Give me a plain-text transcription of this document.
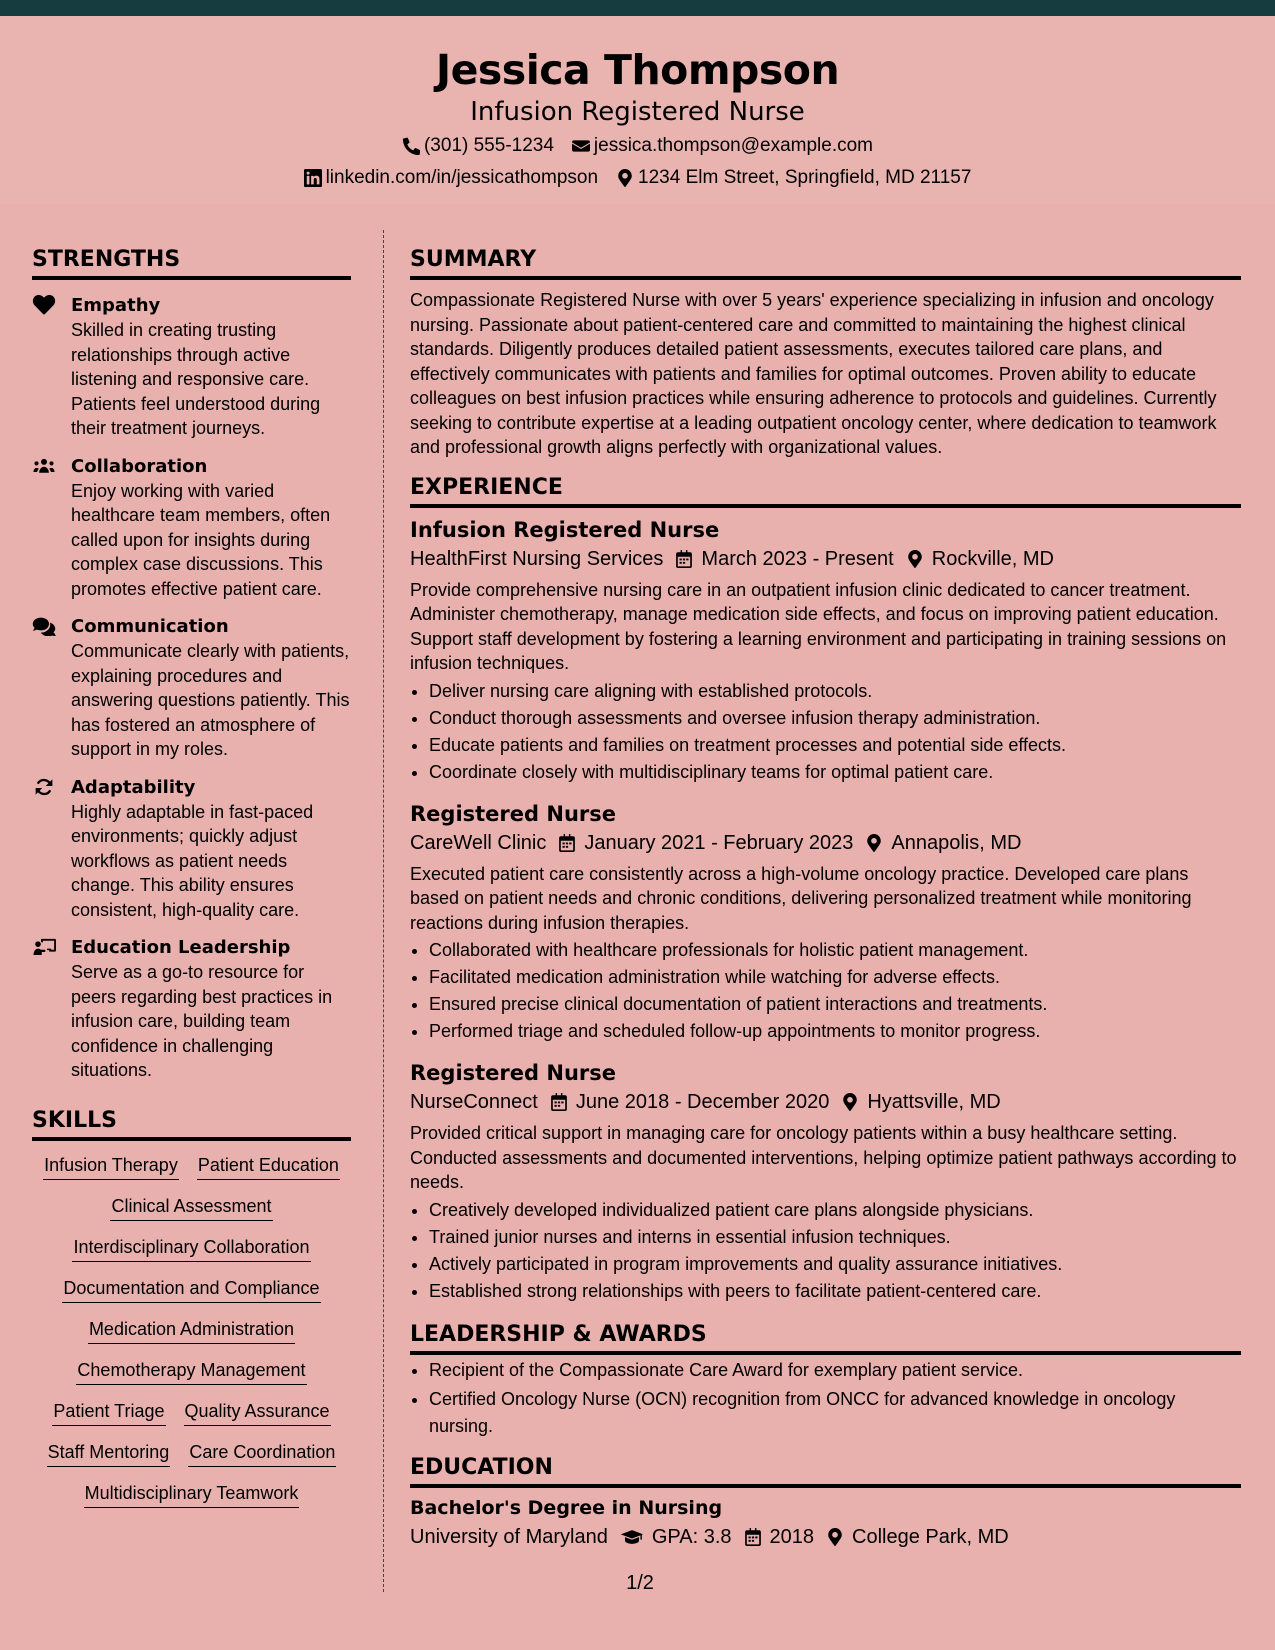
Jessica Thompson
Infusion Registered Nurse
(301) 555-1234 jessica.thompson@example.com
linkedin.com/in/jessicathompson 1234 Elm Street, Springfield, MD 21157
STRENGTHS
Empathy
Skilled in creating trusting relationships through active listening and responsive care. Patients feel understood during their treatment journeys.
Collaboration
Enjoy working with varied healthcare team members, often called upon for insights during complex case discussions. This promotes effective patient care.
Communication
Communicate clearly with patients, explaining procedures and answering questions patiently. This has fostered an atmosphere of support in my roles.
Adaptability
Highly adaptable in fast-paced environments; quickly adjust workflows as patient needs change. This ability ensures consistent, high-quality care.
Education Leadership
Serve as a go-to resource for peers regarding best practices in infusion care, building team confidence in challenging situations.
SKILLS
Infusion Therapy Patient Education
Clinical Assessment
Interdisciplinary Collaboration
Documentation and Compliance
Medication Administration
Chemotherapy Management
Patient Triage Quality Assurance
Staff Mentoring Care Coordination
Multidisciplinary Teamwork
SUMMARY
Compassionate Registered Nurse with over 5 years' experience specializing in infusion and oncology nursing. Passionate about patient-centered care and committed to maintaining the highest clinical standards. Diligently produces detailed patient assessments, executes tailored care plans, and effectively communicates with patients and families for optimal outcomes. Proven ability to educate colleagues on best infusion practices while ensuring adherence to protocols and guidelines. Currently seeking to contribute expertise at a leading outpatient oncology center, where dedication to teamwork and professional growth aligns perfectly with organizational values.
EXPERIENCE
Infusion Registered Nurse
HealthFirst Nursing Services March 2023 - Present Rockville, MD
Provide comprehensive nursing care in an outpatient infusion clinic dedicated to cancer treatment. Administer chemotherapy, manage medication side effects, and focus on improving patient education. Support staff development by fostering a learning environment and participating in training sessions on infusion techniques.
• Deliver nursing care aligning with established protocols.
• Conduct thorough assessments and oversee infusion therapy administration.
• Educate patients and families on treatment processes and potential side effects.
• Coordinate closely with multidisciplinary teams for optimal patient care.
Registered Nurse
CareWell Clinic January 2021 - February 2023 Annapolis, MD
Executed patient care consistently across a high-volume oncology practice. Developed care plans based on patient needs and chronic conditions, delivering personalized treatment while monitoring reactions during infusion therapies.
• Collaborated with healthcare professionals for holistic patient management.
• Facilitated medication administration while watching for adverse effects.
• Ensured precise clinical documentation of patient interactions and treatments.
• Performed triage and scheduled follow-up appointments to monitor progress.
Registered Nurse
NurseConnect June 2018 - December 2020 Hyattsville, MD
Provided critical support in managing care for oncology patients within a busy healthcare setting. Conducted assessments and documented interventions, helping optimize patient pathways according to needs.
• Creatively developed individualized patient care plans alongside physicians.
• Trained junior nurses and interns in essential infusion techniques.
• Actively participated in program improvements and quality assurance initiatives.
• Established strong relationships with peers to facilitate patient-centered care.
LEADERSHIP & AWARDS
• Recipient of the Compassionate Care Award for exemplary patient service.
• Certified Oncology Nurse (OCN) recognition from ONCC for advanced knowledge in oncology nursing.
EDUCATION
Bachelor's Degree in Nursing
University of Maryland GPA: 3.8 2018 College Park, MD
1/2
